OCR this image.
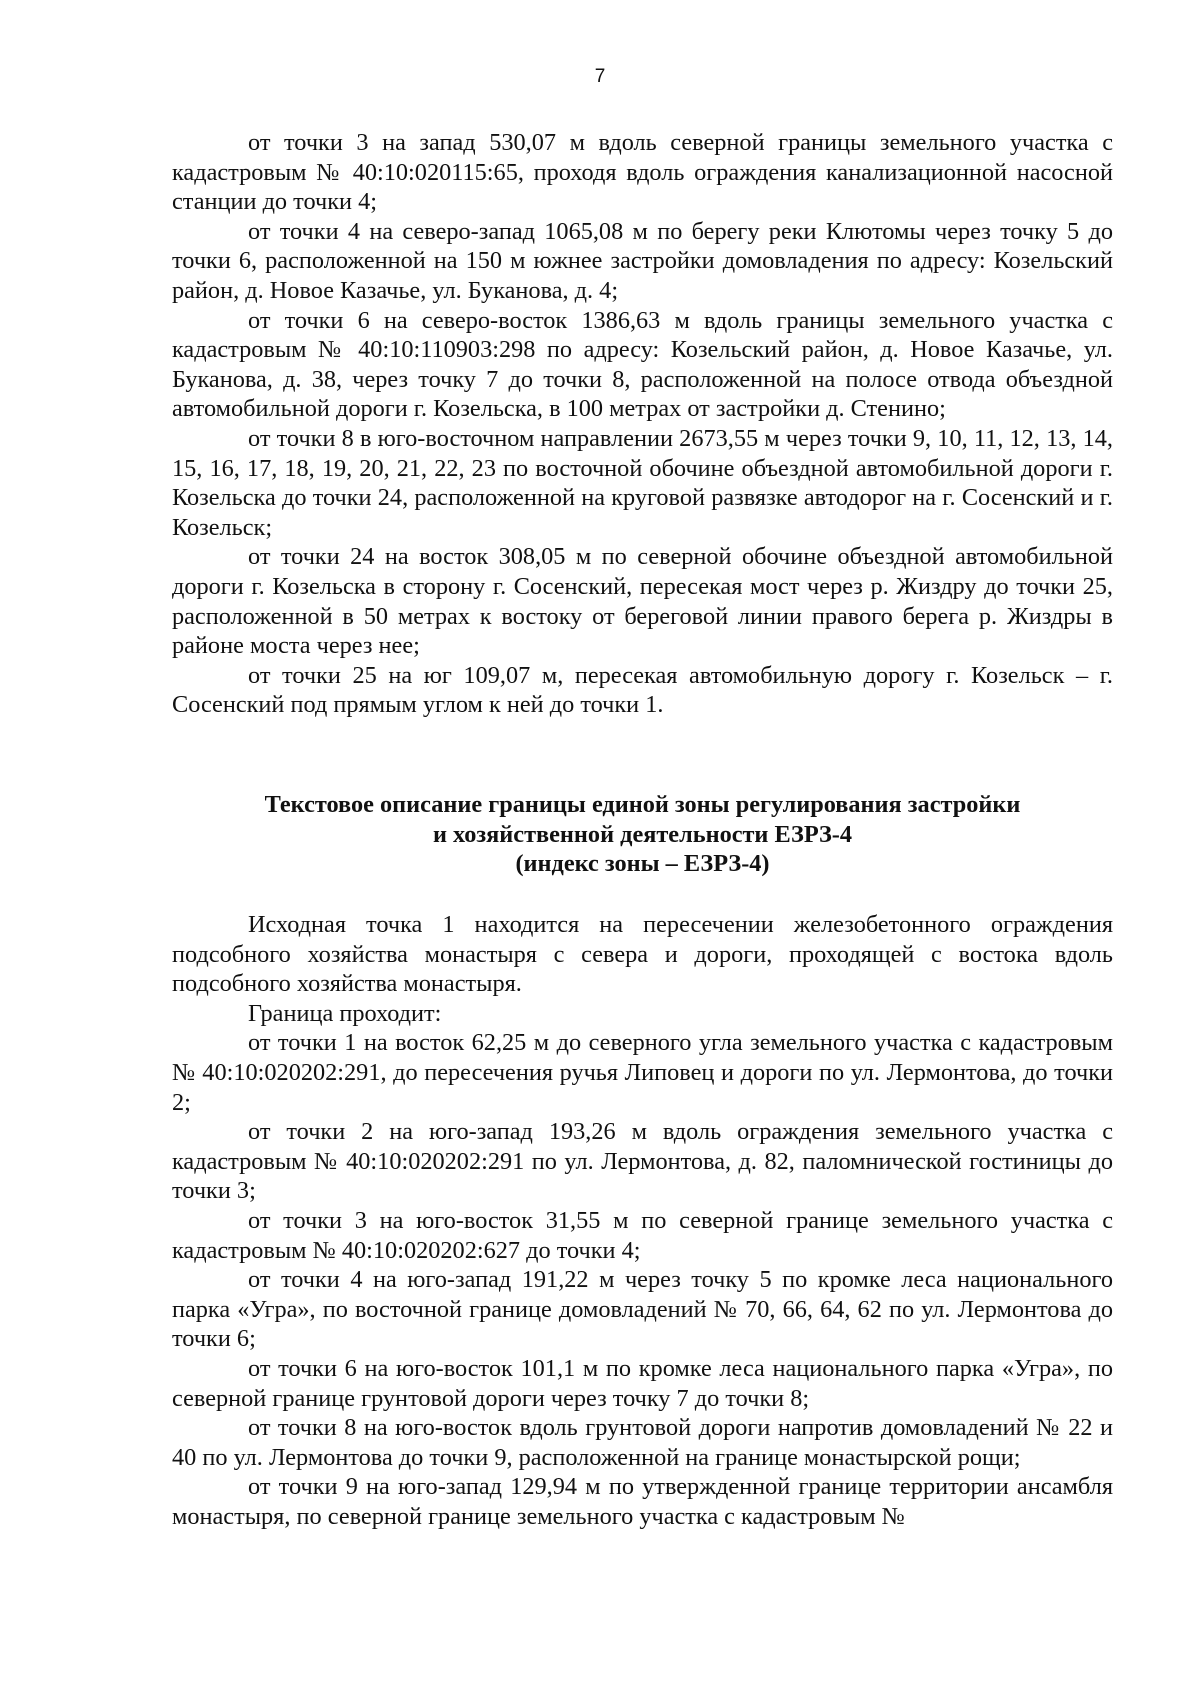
7

от точки 3 на запад 530,07 м вдоль северной границы земельного участка с кадастровым № 40:10:020115:65, проходя вдоль ограждения канализационной насосной станции до точки 4;

от точки 4 на северо-запад 1065,08 м по берегу реки Клютомы через точку 5 до точки 6, расположенной на 150 м южнее застройки домовладения по адресу: Козельский район, д. Новое Казачье, ул. Буканова, д. 4;

от точки 6 на северо-восток 1386,63 м вдоль границы земельного участка с кадастровым № 40:10:110903:298 по адресу: Козельский район, д. Новое Казачье, ул. Буканова, д. 38, через точку 7 до точки 8, расположенной на полосе отвода объездной автомобильной дороги г. Козельска, в 100 метрах от застройки д. Стенино;

от точки 8 в юго-восточном направлении 2673,55 м через точки 9, 10, 11, 12, 13, 14, 15, 16, 17, 18, 19, 20, 21, 22, 23 по восточной обочине объездной автомобильной дороги г. Козельска до точки 24, расположенной на круговой развязке автодорог на г. Сосенский и г. Козельск;

от точки 24 на восток 308,05 м по северной обочине объездной автомобильной дороги г. Козельска в сторону г. Сосенский, пересекая мост через р. Жиздру до точки 25, расположенной в 50 метрах к востоку от береговой линии правого берега р. Жиздры в районе моста через нее;

от точки 25 на юг 109,07 м, пересекая автомобильную дорогу г. Козельск – г. Сосенский под прямым углом к ней до точки 1.

Текстовое описание границы единой зоны регулирования застройки
и хозяйственной деятельности ЕЗРЗ-4
(индекс зоны – ЕЗРЗ-4)

Исходная точка 1 находится на пересечении железобетонного ограждения подсобного хозяйства монастыря с севера и дороги, проходящей с востока вдоль подсобного хозяйства монастыря.

Граница проходит:

от точки 1 на восток 62,25 м до северного угла земельного участка с кадастровым № 40:10:020202:291, до пересечения ручья Липовец и дороги по ул. Лермонтова, до точки 2;

от точки 2 на юго-запад 193,26 м вдоль ограждения земельного участка с кадастровым № 40:10:020202:291 по ул. Лермонтова, д. 82, паломнической гостиницы до точки 3;

от точки 3 на юго-восток 31,55 м по северной границе земельного участка с кадастровым № 40:10:020202:627 до точки 4;

от точки 4 на юго-запад 191,22 м через точку 5 по кромке леса национального парка «Угра», по восточной границе домовладений № 70, 66, 64, 62 по ул. Лермонтова до точки 6;

от точки 6 на юго-восток 101,1 м по кромке леса национального парка «Угра», по северной границе грунтовой дороги через точку 7 до точки 8;

от точки 8 на юго-восток вдоль грунтовой дороги напротив домовладений № 22 и 40 по ул. Лермонтова до точки 9, расположенной на границе монастырской рощи;

от точки 9 на юго-запад 129,94 м по утвержденной границе территории ансамбля монастыря, по северной границе земельного участка с кадастровым №
